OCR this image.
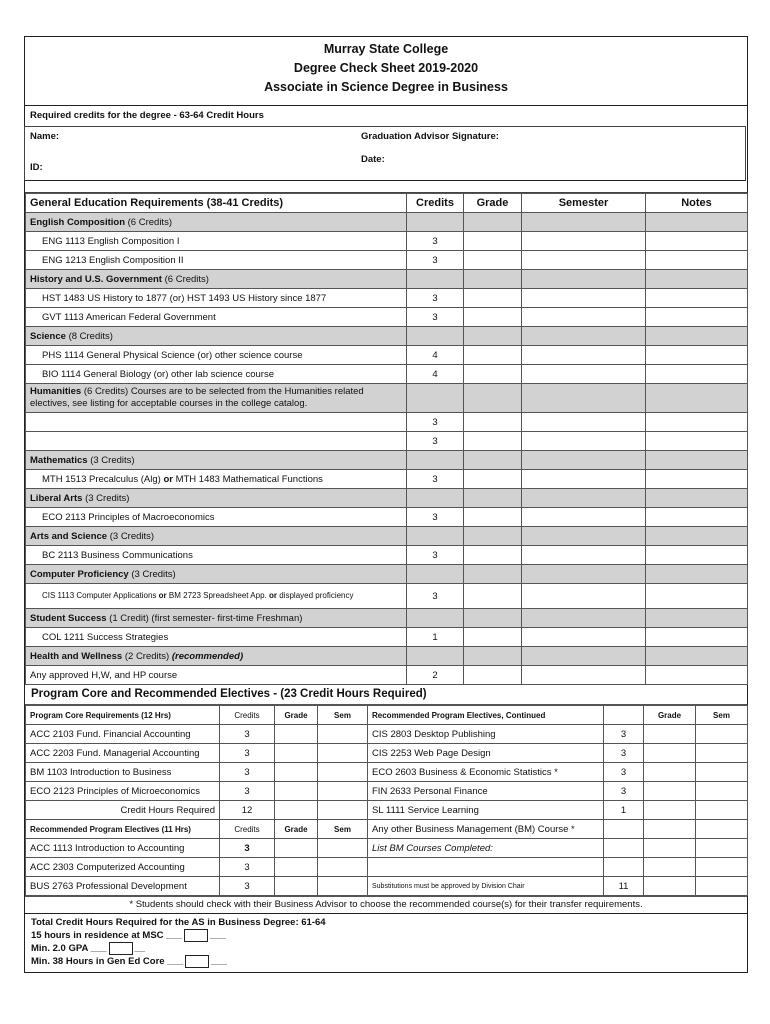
Murray State College
Degree Check Sheet 2019-2020
Associate in Science Degree in Business
Required credits for the degree - 63-64 Credit Hours
Name:
ID:
Graduation Advisor Signature:
Date:
General Education Requirements (38-41 Credits)	Credits	Grade	Semester	Notes
English Composition (6 Credits)				
ENG 1113 English Composition I	3			
ENG 1213 English Composition II	3			
History and U.S. Government (6 Credits)				
HST 1483 US History to 1877 (or) HST 1493 US History since 1877	3			
GVT 1113 American Federal Government	3			
Science (8 Credits)				
PHS 1114 General Physical Science (or) other science course	4			
BIO 1114 General Biology (or) other lab science course	4			
Humanities (6 Credits) Courses are to be selected from the Humanities related electives, see listing for acceptable courses in the college catalog.				
	3			
	3			
Mathematics (3 Credits)				
MTH 1513 Precalculus (Alg) or MTH 1483 Mathematical Functions	3			
Liberal Arts (3 Credits)				
ECO 2113 Principles of Macroeconomics	3			
Arts and Science (3 Credits)				
BC 2113 Business Communications	3			
Computer Proficiency (3 Credits)				
CIS 1113 Computer Applications or BM 2723 Spreadsheet App. or displayed proficiency	3			
Student Success (1 Credit) (first semester- first-time Freshman)				
COL 1211 Success Strategies	1			
Health and Wellness (2 Credits) (recommended)				
Any approved H,W, and HP course	2			
Program Core and Recommended Electives - (23 Credit Hours Required)
Program Core Requirements (12 Hrs)	Credits	Grade	Sem	Recommended Program Electives, Continued		Grade	Sem
ACC 2103 Fund. Financial Accounting	3			CIS 2803 Desktop Publishing	3		
ACC 2203 Fund. Managerial Accounting	3			CIS 2253 Web Page Design	3		
BM 1103 Introduction to Business	3			ECO 2603 Business & Economic Statistics *	3		
ECO 2123 Principles of Microeconomics	3			FIN 2633 Personal Finance	3		
Credit Hours Required	12			SL 1111 Service Learning	1		
Recommended Program Electives (11 Hrs)	Credits	Grade	Sem	Any other Business Management (BM) Course *			
ACC 1113 Introduction to Accounting	3			List BM Courses Completed:			
ACC 2303 Computerized Accounting	3						
BUS 2763 Professional Development	3			Substitutions must be approved by Division Chair	11		
* Students should check with their Business Advisor to choose the recommended course(s) for their transfer requirements.
Total Credit Hours Required for the AS in Business Degree: 61-64
15 hours in residence at MSC ___	___
Min. 2.0 GPA ___	__
Min. 38 Hours in Gen Ed Core ___	___
